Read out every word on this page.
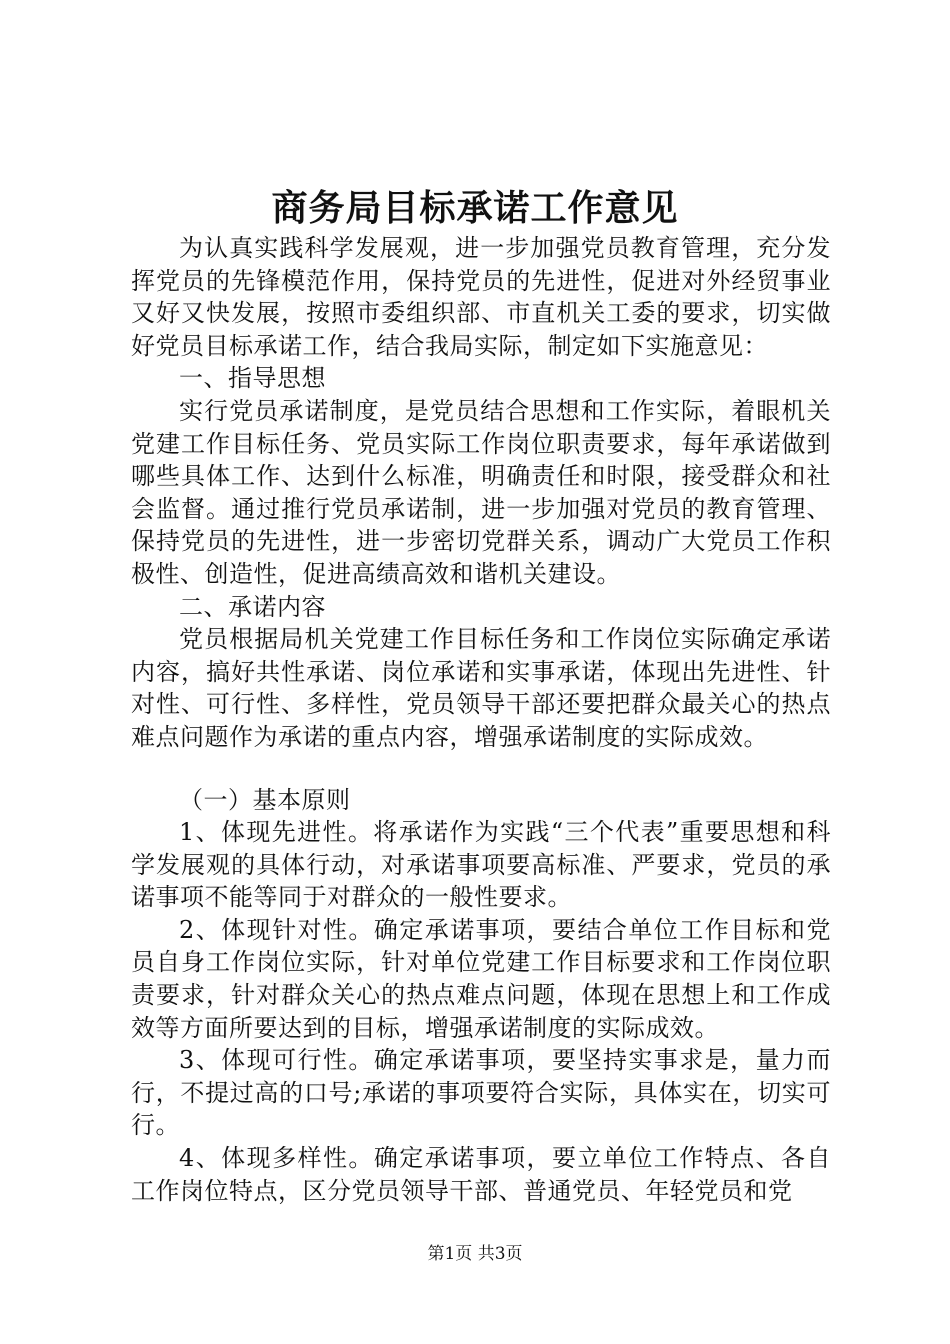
商务局目标承诺工作意见

为认真实践科学发展观，进一步加强党员教育管理，充分发挥党员的先锋模范作用，保持党员的先进性，促进对外经贸事业又好又快发展，按照市委组织部、市直机关工委的要求，切实做好党员目标承诺工作，结合我局实际，制定如下实施意见：

一、指导思想

实行党员承诺制度，是党员结合思想和工作实际，着眼机关党建工作目标任务、党员实际工作岗位职责要求，每年承诺做到哪些具体工作、达到什么标准，明确责任和时限，接受群众和社会监督。通过推行党员承诺制，进一步加强对党员的教育管理、保持党员的先进性，进一步密切党群关系，调动广大党员工作积极性、创造性，促进高绩高效和谐机关建设。

二、承诺内容

党员根据局机关党建工作目标任务和工作岗位实际确定承诺内容，搞好共性承诺、岗位承诺和实事承诺，体现出先进性、针对性、可行性、多样性，党员领导干部还要把群众最关心的热点难点问题作为承诺的重点内容，增强承诺制度的实际成效。

（一）基本原则

1、体现先进性。将承诺作为实践“三个代表”重要思想和科学发展观的具体行动，对承诺事项要高标准、严要求，党员的承诺事项不能等同于对群众的一般性要求。

2、体现针对性。确定承诺事项，要结合单位工作目标和党员自身工作岗位实际，针对单位党建工作目标要求和工作岗位职责要求，针对群众关心的热点难点问题，体现在思想上和工作成效等方面所要达到的目标，增强承诺制度的实际成效。

3、体现可行性。确定承诺事项，要坚持实事求是，量力而行，不提过高的口号;承诺的事项要符合实际，具体实在，切实可行。

4、体现多样性。确定承诺事项，要立单位工作特点、各自工作岗位特点，区分党员领导干部、普通党员、年轻党员和党

第1页 共3页
